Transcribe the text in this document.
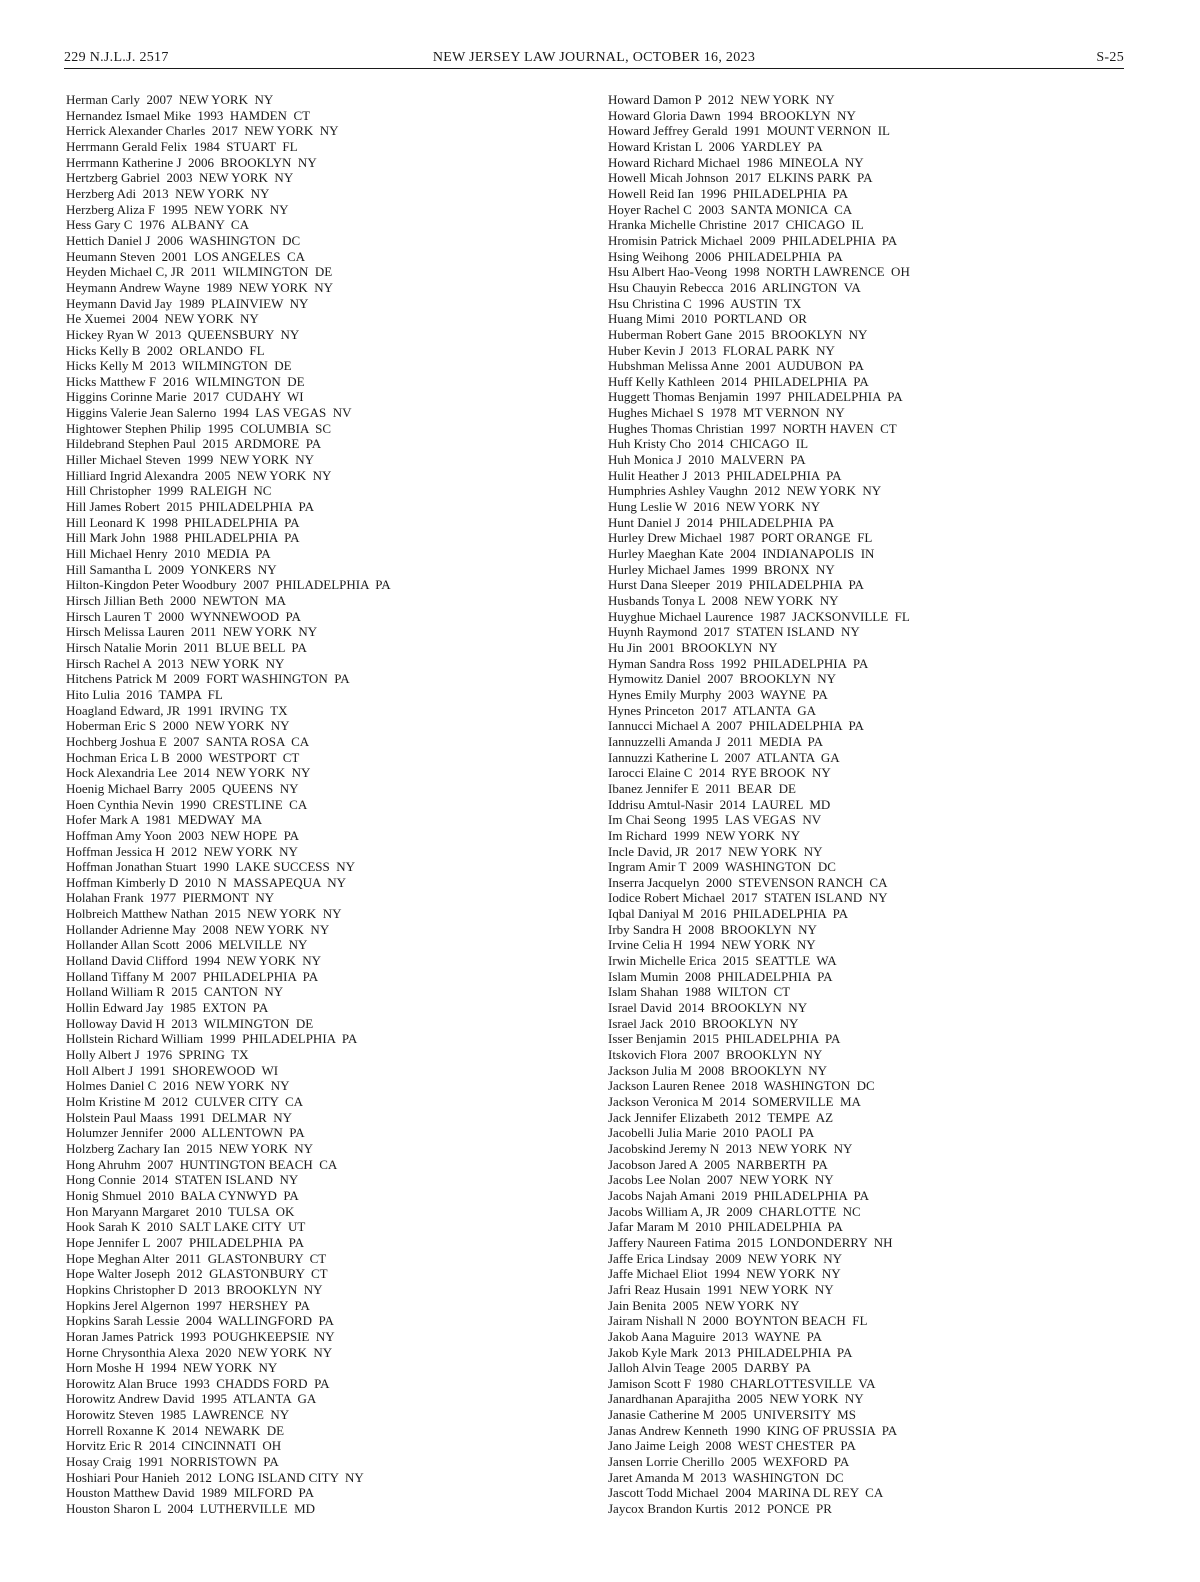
229 N.J.L.J. 2517	NEW JERSEY LAW JOURNAL, OCTOBER 16, 2023	S-25
Herman Carly  2007  NEW YORK  NY
Hernandez Ismael Mike  1993  HAMDEN  CT
Herrick Alexander Charles  2017  NEW YORK  NY
Herrmann Gerald Felix  1984  STUART  FL
Herrmann Katherine J  2006  BROOKLYN  NY
Hertzberg Gabriel  2003  NEW YORK  NY
Herzberg Adi  2013  NEW YORK  NY
Herzberg Aliza F  1995  NEW YORK  NY
Hess Gary C  1976  ALBANY  CA
Hettich Daniel J  2006  WASHINGTON  DC
Heumann Steven  2001  LOS ANGELES  CA
Heyden Michael C, JR  2011  WILMINGTON  DE
Heymann Andrew Wayne  1989  NEW YORK  NY
Heymann David Jay  1989  PLAINVIEW  NY
He Xuemei  2004  NEW YORK  NY
Hickey Ryan W  2013  QUEENSBURY  NY
Hicks Kelly B  2002  ORLANDO  FL
Hicks Kelly M  2013  WILMINGTON  DE
Hicks Matthew F  2016  WILMINGTON  DE
Higgins Corinne Marie  2017  CUDAHY  WI
Higgins Valerie Jean Salerno  1994  LAS VEGAS  NV
Hightower Stephen Philip  1995  COLUMBIA  SC
Hildebrand Stephen Paul  2015  ARDMORE  PA
Hiller Michael Steven  1999  NEW YORK  NY
Hilliard Ingrid Alexandra  2005  NEW YORK  NY
Hill Christopher  1999  RALEIGH  NC
Hill James Robert  2015  PHILADELPHIA  PA
Hill Leonard K  1998  PHILADELPHIA  PA
Hill Mark John  1988  PHILADELPHIA  PA
Hill Michael Henry  2010  MEDIA  PA
Hill Samantha L  2009  YONKERS  NY
Hilton-Kingdon Peter Woodbury  2007  PHILADELPHIA  PA
Hirsch Jillian Beth  2000  NEWTON  MA
Hirsch Lauren T  2000  WYNNEWOOD  PA
Hirsch Melissa Lauren  2011  NEW YORK  NY
Hirsch Natalie Morin  2011  BLUE BELL  PA
Hirsch Rachel A  2013  NEW YORK  NY
Hitchens Patrick M  2009  FORT WASHINGTON  PA
Hito Lulia  2016  TAMPA  FL
Hoagland Edward, JR  1991  IRVING  TX
Hoberman Eric S  2000  NEW YORK  NY
Hochberg Joshua E  2007  SANTA ROSA  CA
Hochman Erica L B  2000  WESTPORT  CT
Hock Alexandria Lee  2014  NEW YORK  NY
Hoenig Michael Barry  2005  QUEENS  NY
Hoen Cynthia Nevin  1990  CRESTLINE  CA
Hofer Mark A  1981  MEDWAY  MA
Hoffman Amy Yoon  2003  NEW HOPE  PA
Hoffman Jessica H  2012  NEW YORK  NY
Hoffman Jonathan Stuart  1990  LAKE SUCCESS  NY
Hoffman Kimberly D  2010  N  MASSAPEQUA  NY
Holahan Frank  1977  PIERMONT  NY
Holbreich Matthew Nathan  2015  NEW YORK  NY
Hollander Adrienne May  2008  NEW YORK  NY
Hollander Allan Scott  2006  MELVILLE  NY
Holland David Clifford  1994  NEW YORK  NY
Holland Tiffany M  2007  PHILADELPHIA  PA
Holland William R  2015  CANTON  NY
Hollin Edward Jay  1985  EXTON  PA
Holloway David H  2013  WILMINGTON  DE
Hollstein Richard William  1999  PHILADELPHIA  PA
Holly Albert J  1976  SPRING  TX
Holl Albert J  1991  SHOREWOOD  WI
Holmes Daniel C  2016  NEW YORK  NY
Holm Kristine M  2012  CULVER CITY  CA
Holstein Paul Maass  1991  DELMAR  NY
Holumzer Jennifer  2000  ALLENTOWN  PA
Holzberg Zachary Ian  2015  NEW YORK  NY
Hong Ahruhm  2007  HUNTINGTON BEACH  CA
Hong Connie  2014  STATEN ISLAND  NY
Honig Shmuel  2010  BALA CYNWYD  PA
Hon Maryann Margaret  2010  TULSA  OK
Hook Sarah K  2010  SALT LAKE CITY  UT
Hope Jennifer L  2007  PHILADELPHIA  PA
Hope Meghan Alter  2011  GLASTONBURY  CT
Hope Walter Joseph  2012  GLASTONBURY  CT
Hopkins Christopher D  2013  BROOKLYN  NY
Hopkins Jerel Algernon  1997  HERSHEY  PA
Hopkins Sarah Lessie  2004  WALLINGFORD  PA
Horan James Patrick  1993  POUGHKEEPSIE  NY
Horne Chrysonthia Alexa  2020  NEW YORK  NY
Horn Moshe H  1994  NEW YORK  NY
Horowitz Alan Bruce  1993  CHADDS FORD  PA
Horowitz Andrew David  1995  ATLANTA  GA
Horowitz Steven  1985  LAWRENCE  NY
Horrell Roxanne K  2014  NEWARK  DE
Horvitz Eric R  2014  CINCINNATI  OH
Hosay Craig  1991  NORRISTOWN  PA
Hoshiari Pour Hanieh  2012  LONG ISLAND CITY  NY
Houston Matthew David  1989  MILFORD  PA
Houston Sharon L  2004  LUTHERVILLE  MD
Howard Damon P  2012  NEW YORK  NY
Howard Gloria Dawn  1994  BROOKLYN  NY
Howard Jeffrey Gerald  1991  MOUNT VERNON  IL
Howard Kristan L  2006  YARDLEY  PA
Howard Richard Michael  1986  MINEOLA  NY
Howell Micah Johnson  2017  ELKINS PARK  PA
Howell Reid Ian  1996  PHILADELPHIA  PA
Hoyer Rachel C  2003  SANTA MONICA  CA
Hranka Michelle Christine  2017  CHICAGO  IL
Hromisin Patrick Michael  2009  PHILADELPHIA  PA
Hsing Weihong  2006  PHILADELPHIA  PA
Hsu Albert Hao-Veong  1998  NORTH LAWRENCE  OH
Hsu Chauyin Rebecca  2016  ARLINGTON  VA
Hsu Christina C  1996  AUSTIN  TX
Huang Mimi  2010  PORTLAND  OR
Huberman Robert Gane  2015  BROOKLYN  NY
Huber Kevin J  2013  FLORAL PARK  NY
Hubshman Melissa Anne  2001  AUDUBON  PA
Huff Kelly Kathleen  2014  PHILADELPHIA  PA
Huggett Thomas Benjamin  1997  PHILADELPHIA  PA
Hughes Michael S  1978  MT VERNON  NY
Hughes Thomas Christian  1997  NORTH HAVEN  CT
Huh Kristy Cho  2014  CHICAGO  IL
Huh Monica J  2010  MALVERN  PA
Hulit Heather J  2013  PHILADELPHIA  PA
Humphries Ashley Vaughn  2012  NEW YORK  NY
Hung Leslie W  2016  NEW YORK  NY
Hunt Daniel J  2014  PHILADELPHIA  PA
Hurley Drew Michael  1987  PORT ORANGE  FL
Hurley Maeghan Kate  2004  INDIANAPOLIS  IN
Hurley Michael James  1999  BRONX  NY
Hurst Dana Sleeper  2019  PHILADELPHIA  PA
Husbands Tonya L  2008  NEW YORK  NY
Huyghue Michael Laurence  1987  JACKSONVILLE  FL
Huynh Raymond  2017  STATEN ISLAND  NY
Hu Jin  2001  BROOKLYN  NY
Hyman Sandra Ross  1992  PHILADELPHIA  PA
Hymowitz Daniel  2007  BROOKLYN  NY
Hynes Emily Murphy  2003  WAYNE  PA
Hynes Princeton  2017  ATLANTA  GA
Iannucci Michael A  2007  PHILADELPHIA  PA
Iannuzzelli Amanda J  2011  MEDIA  PA
Iannuzzi Katherine L  2007  ATLANTA  GA
Iarocci Elaine C  2014  RYE BROOK  NY
Ibanez Jennifer E  2011  BEAR  DE
Iddrisu Amtul-Nasir  2014  LAUREL  MD
Im Chai Seong  1995  LAS VEGAS  NV
Im Richard  1999  NEW YORK  NY
Incle David, JR  2017  NEW YORK  NY
Ingram Amir T  2009  WASHINGTON  DC
Inserra Jacquelyn  2000  STEVENSON RANCH  CA
Iodice Robert Michael  2017  STATEN ISLAND  NY
Iqbal Daniyal M  2016  PHILADELPHIA  PA
Irby Sandra H  2008  BROOKLYN  NY
Irvine Celia H  1994  NEW YORK  NY
Irwin Michelle Erica  2015  SEATTLE  WA
Islam Mumin  2008  PHILADELPHIA  PA
Islam Shahan  1988  WILTON  CT
Israel David  2014  BROOKLYN  NY
Israel Jack  2010  BROOKLYN  NY
Isser Benjamin  2015  PHILADELPHIA  PA
Itskovich Flora  2007  BROOKLYN  NY
Jackson Julia M  2008  BROOKLYN  NY
Jackson Lauren Renee  2018  WASHINGTON  DC
Jackson Veronica M  2014  SOMERVILLE  MA
Jack Jennifer Elizabeth  2012  TEMPE  AZ
Jacobelli Julia Marie  2010  PAOLI  PA
Jacobskind Jeremy N  2013  NEW YORK  NY
Jacobson Jared A  2005  NARBERTH  PA
Jacobs Lee Nolan  2007  NEW YORK  NY
Jacobs Najah Amani  2019  PHILADELPHIA  PA
Jacobs William A, JR  2009  CHARLOTTE  NC
Jafar Maram M  2010  PHILADELPHIA  PA
Jaffery Naureen Fatima  2015  LONDONDERRY  NH
Jaffe Erica Lindsay  2009  NEW YORK  NY
Jaffe Michael Eliot  1994  NEW YORK  NY
Jafri Reaz Husain  1991  NEW YORK  NY
Jain Benita  2005  NEW YORK  NY
Jairam Nishall N  2000  BOYNTON BEACH  FL
Jakob Aana Maguire  2013  WAYNE  PA
Jakob Kyle Mark  2013  PHILADELPHIA  PA
Jalloh Alvin Teage  2005  DARBY  PA
Jamison Scott F  1980  CHARLOTTESVILLE  VA
Janardhanan Aparajitha  2005  NEW YORK  NY
Janasie Catherine M  2005  UNIVERSITY  MS
Janas Andrew Kenneth  1990  KING OF PRUSSIA  PA
Jano Jaime Leigh  2008  WEST CHESTER  PA
Jansen Lorrie Cherillo  2005  WEXFORD  PA
Jaret Amanda M  2013  WASHINGTON  DC
Jascott Todd Michael  2004  MARINA DL REY  CA
Jaycox Brandon Kurtis  2012  PONCE  PR
